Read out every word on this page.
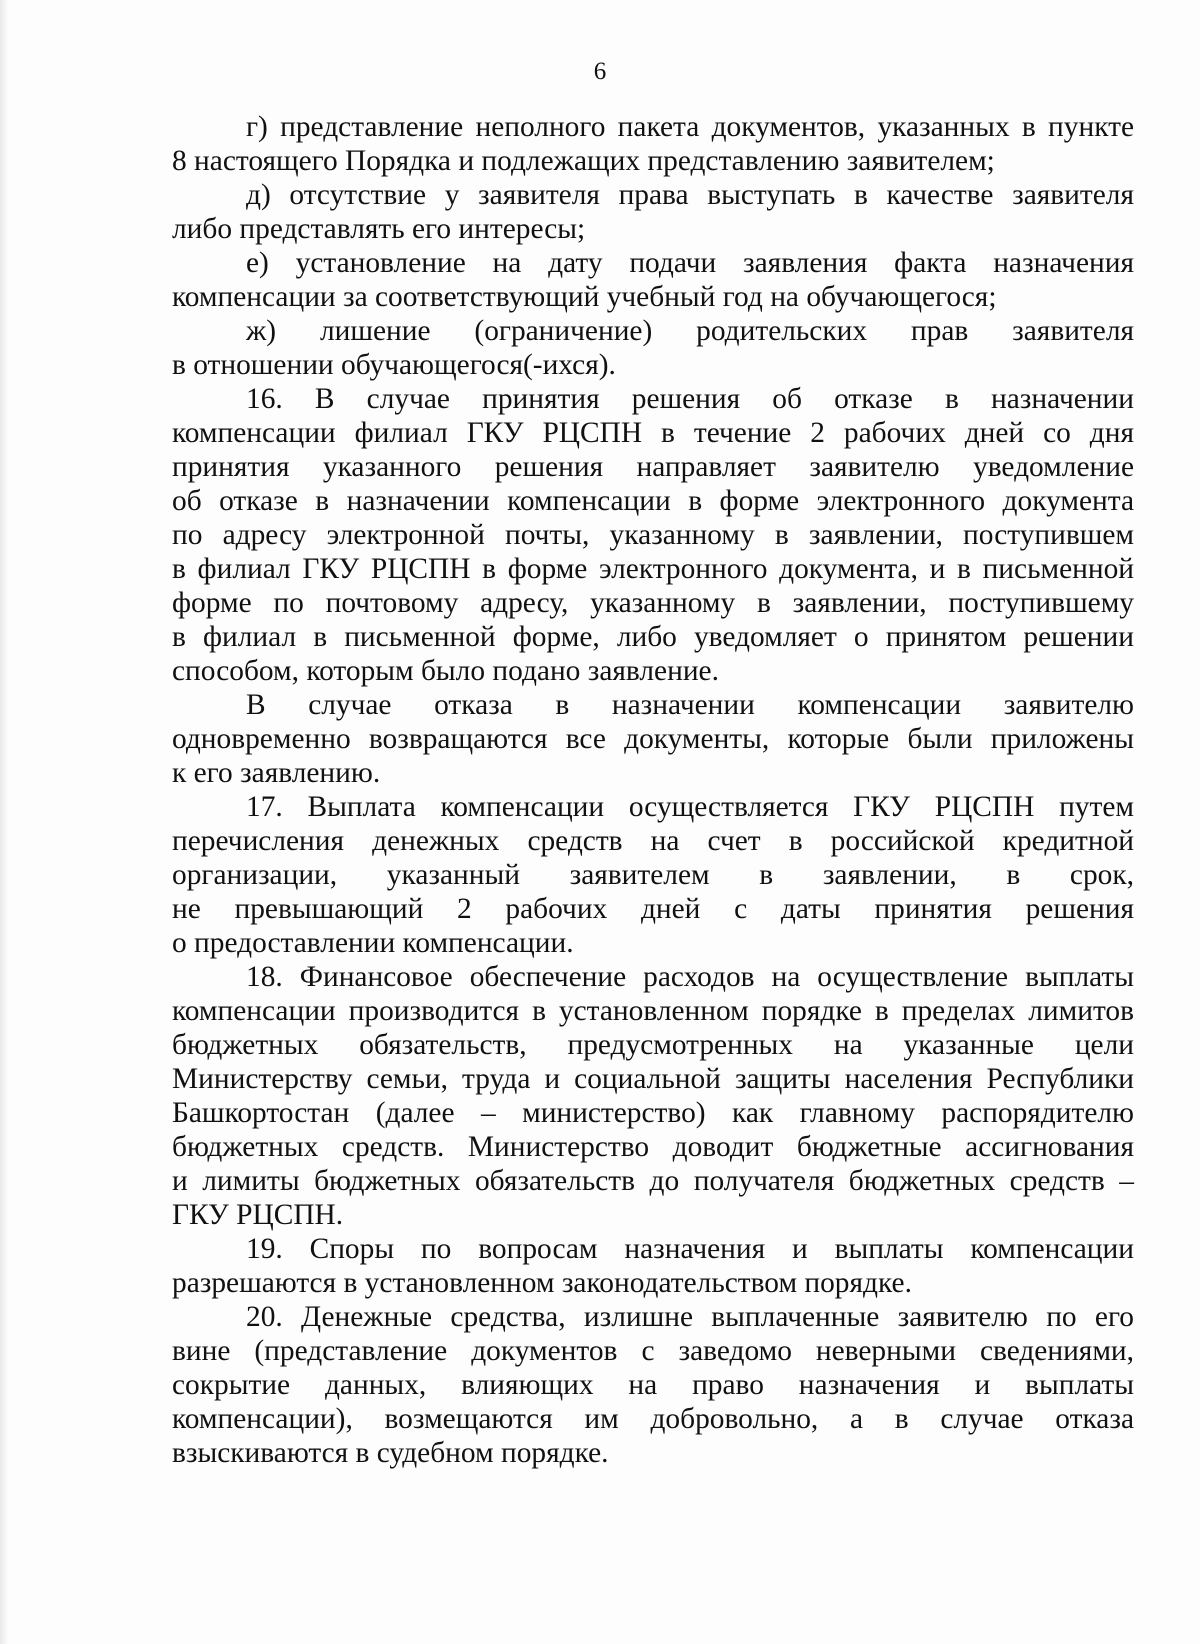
6
г) представление неполного пакета документов, указанных в пункте
8 настоящего Порядка и подлежащих представлению заявителем;
д) отсутствие у заявителя права выступать в качестве заявителя
либо представлять его интересы;
е) установление на дату подачи заявления факта назначения
компенсации за соответствующий учебный год на обучающегося;
ж) лишение (ограничение) родительских прав заявителя
в отношении обучающегося(-ихся).
16. В случае принятия решения об отказе в назначении
компенсации филиал ГКУ РЦСПН в течение 2 рабочих дней со дня
принятия указанного решения направляет заявителю уведомление
об отказе в назначении компенсации в форме электронного документа
по адресу электронной почты, указанному в заявлении, поступившем
в филиал ГКУ РЦСПН в форме электронного документа, и в письменной
форме по почтовому адресу, указанному в заявлении, поступившему
в филиал в письменной форме, либо уведомляет о принятом решении
способом, которым было подано заявление.
В случае отказа в назначении компенсации заявителю
одновременно возвращаются все документы, которые были приложены
к его заявлению.
17. Выплата компенсации осуществляется ГКУ РЦСПН путем
перечисления денежных средств на счет в российской кредитной
организации, указанный заявителем в заявлении, в срок,
не превышающий 2 рабочих дней с даты принятия решения
о предоставлении компенсации.
18. Финансовое обеспечение расходов на осуществление выплаты
компенсации производится в установленном порядке в пределах лимитов
бюджетных обязательств, предусмотренных на указанные цели
Министерству семьи, труда и социальной защиты населения Республики
Башкортостан (далее – министерство) как главному распорядителю
бюджетных средств. Министерство доводит бюджетные ассигнования
и лимиты бюджетных обязательств до получателя бюджетных средств –
ГКУ РЦСПН.
19. Споры по вопросам назначения и выплаты компенсации
разрешаются в установленном законодательством порядке.
20. Денежные средства, излишне выплаченные заявителю по его
вине (представление документов с заведомо неверными сведениями,
сокрытие данных, влияющих на право назначения и выплаты
компенсации), возмещаются им добровольно, а в случае отказа
взыскиваются в судебном порядке.
